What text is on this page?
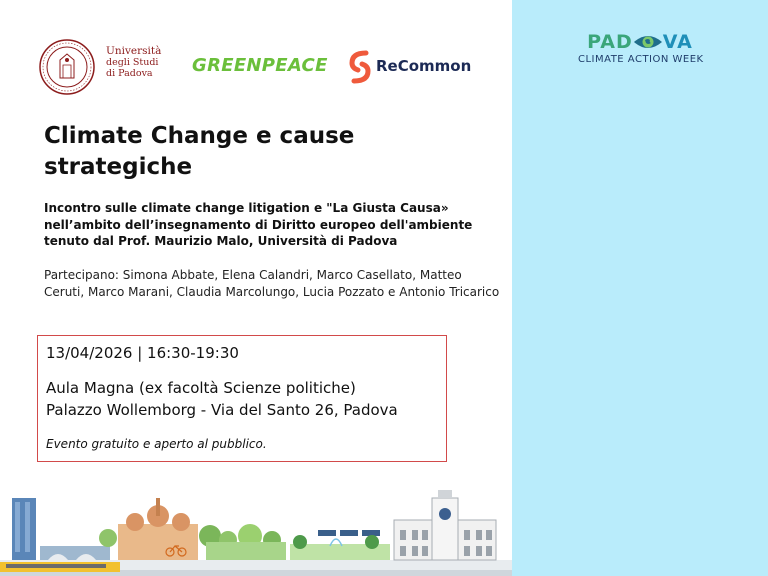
PAD VA
CLIMATE ACTION WEEK
Università
degli Studi
di Padova	GREENPEACE	ReCommon
Climate Change e cause strategiche
Incontro sulle climate change litigation e "La Giusta Causa» nell’ambito dell’insegnamento di Diritto europeo dell'ambiente tenuto dal Prof. Maurizio Malo, Università di Padova
Partecipano: Simona Abbate, Elena Calandri, Marco Casellato, Matteo Ceruti, Marco Marani, Claudia Marcolungo, Lucia Pozzato e Antonio Tricarico
13/04/2026 | 16:30-19:30
Aula Magna (ex facoltà Scienze politiche)
Palazzo Wollemborg - Via del Santo 26, Padova
Evento gratuito e aperto al pubblico.
